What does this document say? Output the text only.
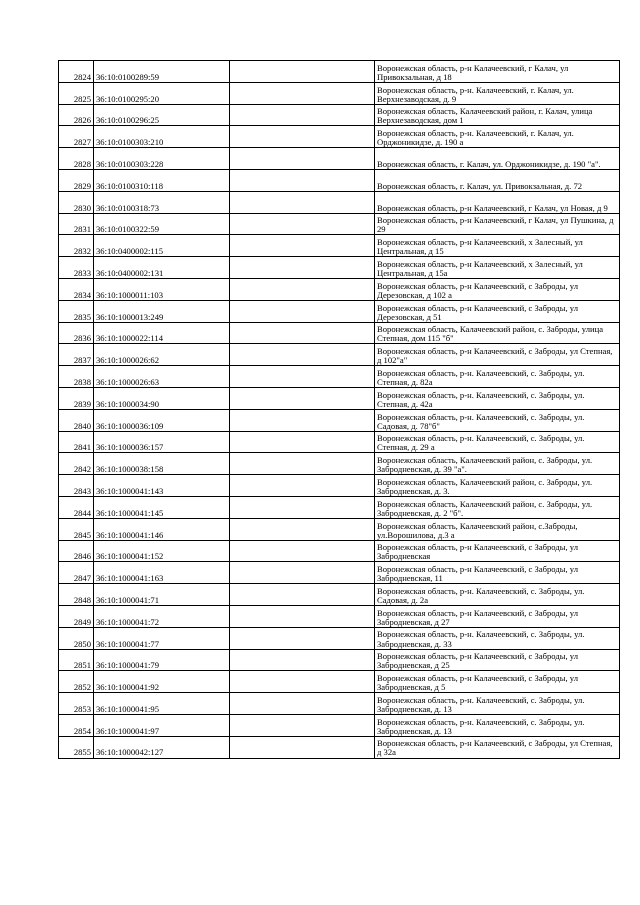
2824	36:10:0100289:59		Воронежская область, р-н Калачеевский, г Калач, ул Привокзальная, д 18

2825	36:10:0100295:20		Воронежская область, р-н. Калачеевский, г. Калач, ул. Верхнезаводская, д. 9

2826	36:10:0100296:25		Воронежская область, Калачеевский район, г. Калач, улица Верхнезаводская, дом 1

2827	36:10:0100303:210		Воронежская область, р-н. Калачеевский, г. Калач, ул. Орджоникидзе, д. 190 а

2828	36:10:0100303:228		Воронежская область, г. Калач, ул. Орджоникидзе, д. 190 "а".

2829	36:10:0100310:118		Воронежская область, г. Калач, ул. Привокзальная, д. 72

2830	36:10:0100318:73		Воронежская область, р-н Калачеевский, г Калач, ул Новая, д 9

2831	36:10:0100322:59		Воронежская область, р-н Калачеевский, г Калач, ул Пушкина, д 29

2832	36:10:0400002:115		Воронежская область, р-н Калачеевский, х Залесный, ул Центральная, д 15

2833	36:10:0400002:131		Воронежская область, р-н Калачеевский, х Залесный, ул Центральная, д 15а

2834	36:10:1000011:103		Воронежская область, р-н Калачеевский, с Заброды, ул Дерезовская, д 102 а

2835	36:10:1000013:249		Воронежская область, р-н Калачеевский, с Заброды, ул Дерезовская, д 51

2836	36:10:1000022:114		Воронежская область, Калачеевский район, с. Заброды, улица Степная, дом 115 "б"

2837	36:10:1000026:62		Воронежская область, р-н Калачеевский, с Заброды, ул Степная, д 102"а"

2838	36:10:1000026:63		Воронежская область, р-н. Калачеевский, с. Заброды, ул. Степная, д. 82а

2839	36:10:1000034:90		Воронежская область, р-н. Калачеевский, с. Заброды, ул. Степная, д. 42а

2840	36:10:1000036:109		Воронежская область, р-н. Калачеевский, с. Заброды, ул. Садовая, д. 78"б"

2841	36:10:1000036:157		Воронежская область, р-н. Калачеевский, с. Заброды, ул. Степная, д. 29 а

2842	36:10:1000038:158		Воронежская область, Калачеевский район, с. Заброды, ул. Забродневская, д. 39 "а".

2843	36:10:1000041:143		Воронежская область, Калачеевский район, с. Заброды, ул. Забродневская, д. 3.

2844	36:10:1000041:145		Воронежская область, Калачеевский район, с. Заброды, ул. Забродневская, д. 2 "б".

2845	36:10:1000041:146		Воронежская область, Калачеевский район, с.Заброды, ул.Ворошилова, д.3 а

2846	36:10:1000041:152		Воронежская область, р-н Калачеевский, с Заброды, ул Забродневская

2847	36:10:1000041:163		Воронежская область, р-н Калачеевский, с Заброды, ул Забродневская, 11

2848	36:10:1000041:71		Воронежская область, р-н. Калачеевский, с. Заброды, ул. Садовая, д. 2а

2849	36:10:1000041:72		Воронежская область, р-н Калачеевский, с Заброды, ул Забродневская, д 27

2850	36:10:1000041:77		Воронежская область, р-н. Калачеевский, с. Заброды, ул. Забродневская, д. 33

2851	36:10:1000041:79		Воронежская область, р-н Калачеевский, с Заброды, ул Забродневская, д 25

2852	36:10:1000041:92		Воронежская область, р-н Калачеевский, с Заброды, ул Забродневская, д 5

2853	36:10:1000041:95		Воронежская область, р-н. Калачеевский, с. Заброды, ул. Забродневская, д. 13

2854	36:10:1000041:97		Воронежская область, р-н. Калачеевский, с. Заброды, ул. Забродневская, д. 13

2855	36:10:1000042:127		Воронежская область, р-н Калачеевский, с Заброды, ул Степная, д 32а
